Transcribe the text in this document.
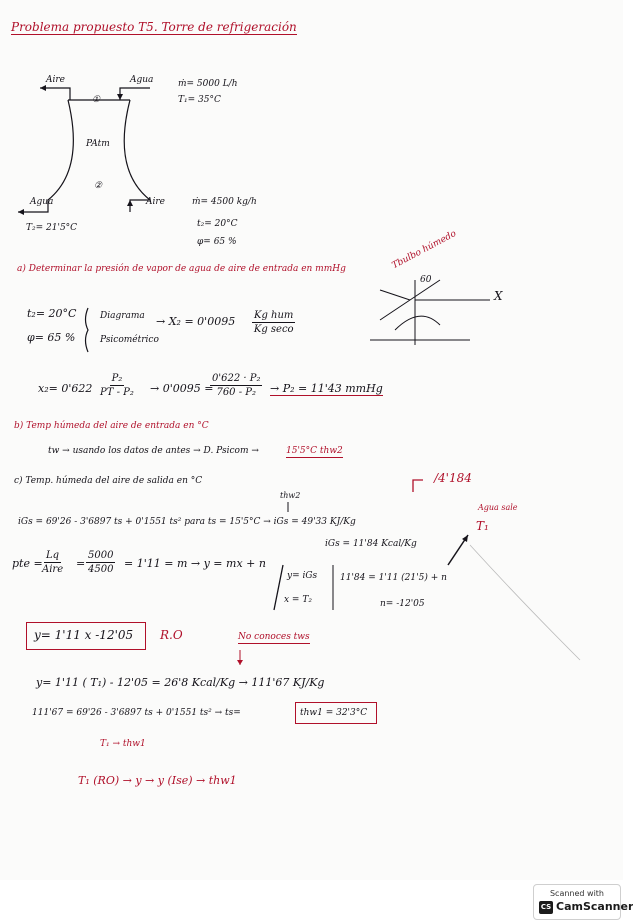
Problema propuesto T5. Torre de refrigeración
Aire	Agua
①
PAtm
②
Agua	Aire
ṁ= 5000 L/h
T₁= 35°C
T₂= 21'5°C
ṁ= 4500 kg/h
t₂= 20°C
φ= 65 %
a) Determinar la presión de vapor de agua de aire de entrada en mmHg
t₂= 20°C
φ= 65 %
Diagrama
Psicométrico
→ X₂ = 0'0095 Kg hum
Kg seco
Tbulbo húmedo
60
X
$x_2= 0'622 \frac{\text{P₂}}{\text{PT - P₂}} \to 0'0095$ =
$\frac{\text{0'622 · P₂}}{\text{760 - P₂}} \to P_2 = 11'43$ mmHg
b) Temp húmeda del aire de entrada en °C
tw → usando los datos de antes → D. Psicom →	15'5°C thw2
c) Temp. húmeda del aire de salida en °C	/4'184
thw2
iGs = 69'26 - 3'6897 ts + 0'1551 ts² para ts = 15'5°C → iGs = 49'33 KJ/Kg
iGs = 11'84 Kcal/Kg
Agua sale
T₁
pte =
Lq
Aire = $\frac{5000}{4500} = 1'11 = m \to y$ = mx + n
y= iGs
x = T₂
11'84 = 1'11 (21'5) + n
n= -12'05
y= 1'11 x -12'05 R.O	No conoces tws
y= 1'11 ( T₁) - 12'05 = 26'8 Kcal/Kg → 111'67 KJ/Kg
111'67 = 69'26 - 3'6897 ts + 0'1551 ts² → ts=	thw1 = 32'3°C
T₁ → thw1
T₁ (RO) → y → y (Ise) → thw1
Scanned with
CS CamScanner
